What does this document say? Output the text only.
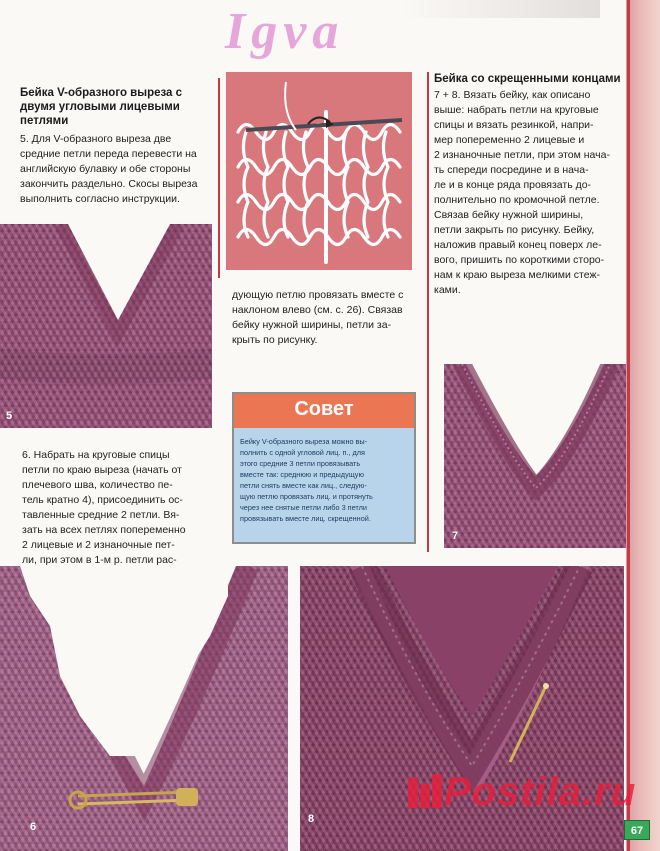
Igva
Бейка V-образного выреза с двумя угловыми лицевыми петлями
5. Для V-образного выреза две
средние петли переда перевести на
английскую булавку и обе стороны
закончить раздельно. Скосы выреза
выполнить согласно инструкции.
5
6. Набрать на круговые спицы
петли по краю выреза (начать от
плечевого шва, количество пе-
тель кратно 4), присоединить ос-
тавленные средние 2 петли. Вя-
зать на всех петлях попеременно
2 лицевые и 2 изнаночные пет-
ли, при этом в 1-м р. петли рас-
6
дующую петлю провязать вместе с
наклоном влево (см. с. 26). Связав
бейку нужной ширины, петли за-
крыть по рисунку.
Совет
Бейку V-образного выреза можно вы-
полнить с одной угловой лиц. п., для
этого средние 3 петли провязывать
вместе так: среднюю и предыдущую
петли снять вместе как лиц., следую-
щую петлю провязать лиц. и протянуть
через нее снятые петли либо 3 петли
провязывать вместе лиц. скрещенной.
Бейка со скрещенными концами
7 + 8. Вязать бейку, как описано
выше: набрать петли на круговые
спицы и вязать резинкой, напри-
мер попеременно 2 лицевые и
2 изнаночные петли, при этом нача-
ть спереди посредине и в нача-
ле и в конце ряда провязать до-
полнительно по кромочной петле.
Связав бейку нужной ширины,
петли закрыть по рисунку. Бейку,
наложив правый конец поверх ле-
вого, пришить по короткими сторо-
нам к краю выреза мелкими стеж-
ками.
7
8
Postila.ru
67
